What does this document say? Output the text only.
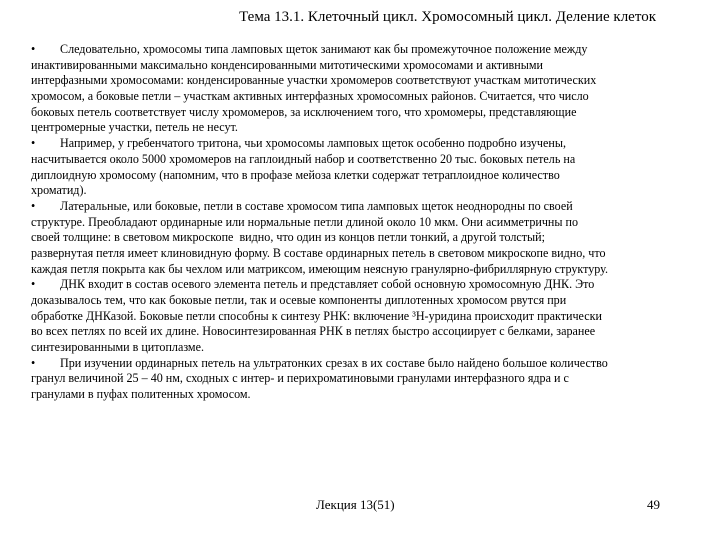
Тема 13.1. Клеточный цикл. Хромосомный цикл. Деление клеток
• Следовательно, хромосомы типа ламповых щеток занимают как бы промежуточное положение между
инактивированными максимально конденсированными митотическими хромосомами и активными
интерфазными хромосомами: конденсированные участки хромомеров соответствуют участкам митотических
хромосом, а боковые петли – участкам активных интерфазных хромосомных районов. Считается, что число
боковых петель соответствует числу хромомеров, за исключением того, что хромомеры, представляющие
центромерные участки, петель не несут.
• Например, у гребенчатого тритона, чьи хромосомы ламповых щеток особенно подробно изучены,
насчитывается около 5000 хромомеров на гаплоидный набор и соответственно 20 тыс. боковых петель на
диплоидную хромосому (напомним, что в профазе мейоза клетки содержат тетраплоидное количество
хроматид).
• Латеральные, или боковые, петли в составе хромосом типа ламповых щеток неоднородны по своей
структуре. Преобладают ординарные или нормальные петли длиной около 10 мкм. Они асимметричны по
своей толщине: в световом микроскопе  видно, что один из концов петли тонкий, а другой толстый;
развернутая петля имеет клиновидную форму. В составе ординарных петель в световом микроскопе видно, что
каждая петля покрыта как бы чехлом или матриксом, имеющим неясную гранулярно-фибриллярную структуру.
• ДНК входит в состав осевого элемента петель и представляет собой основную хромосомную ДНК. Это
доказывалось тем, что как боковые петли, так и осевые компоненты диплотенных хромосом рвутся при
обработке ДНКазой. Боковые петли способны к синтезу РНК: включение ³Н-уридина происходит практически
во всех петлях по всей их длине. Новосинтезированная РНК в петлях быстро ассоциирует с белками, заранее
синтезированными в цитоплазме.
• При изучении ординарных петель на ультратонких срезах в их составе было найдено большое количество
гранул величиной 25 – 40 нм, сходных с интер- и перихроматиновыми гранулами интерфазного ядра и с
гранулами в пуфах политенных хромосом.
Лекция 13(51)	49
